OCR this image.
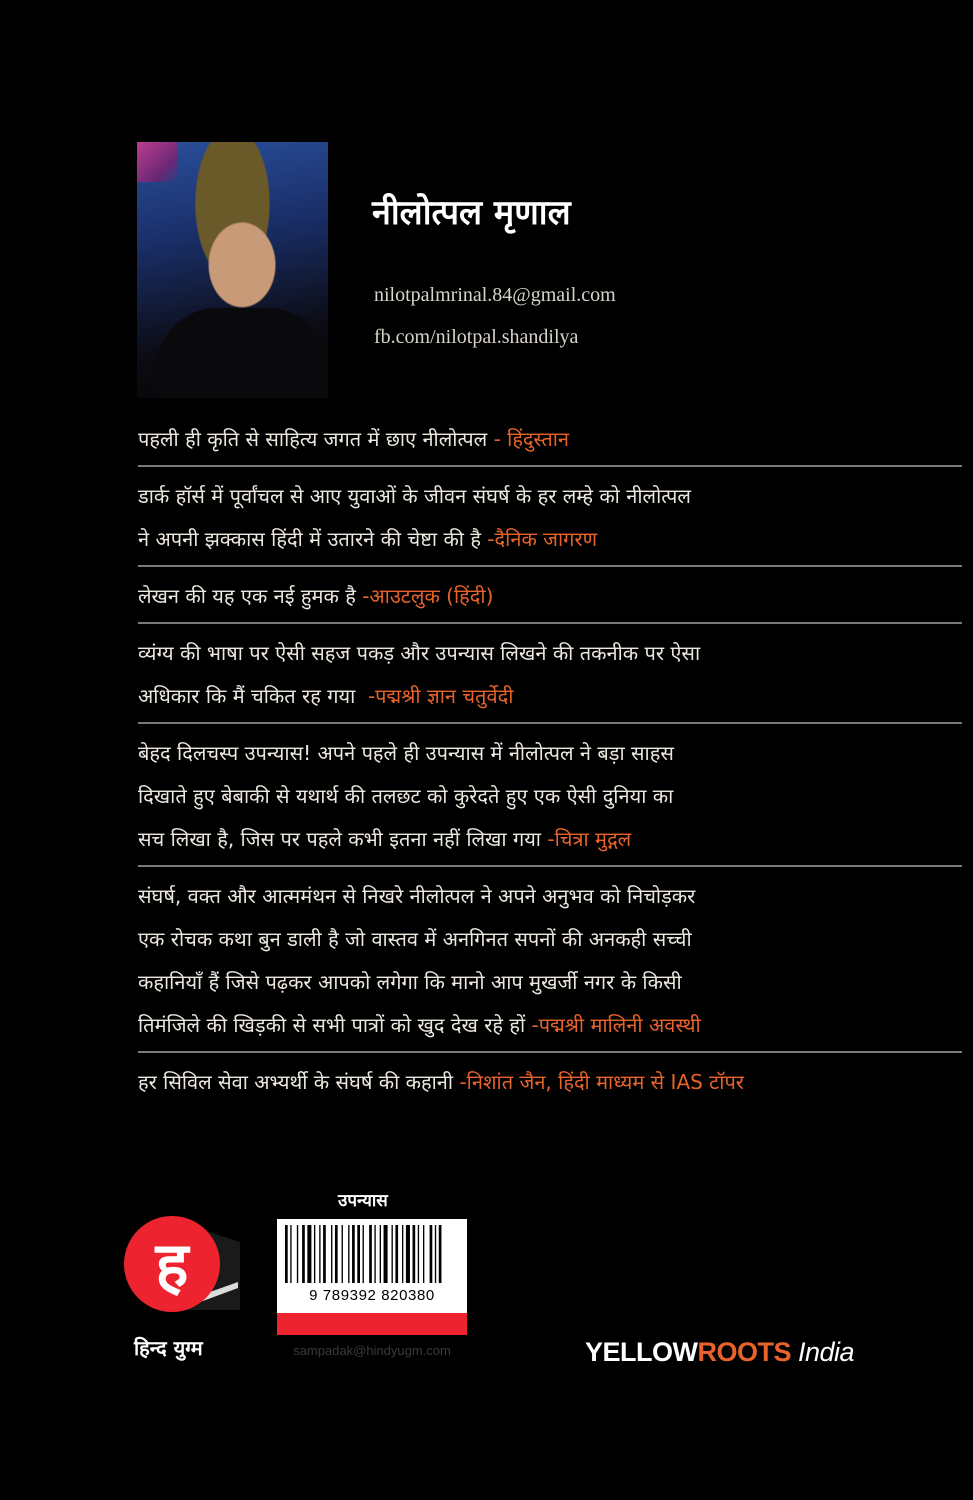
नीलोत्पल मृणाल
nilotpalmrinal.84@gmail.com
fb.com/nilotpal.shandilya
पहली ही कृति से साहित्य जगत में छाए नीलोत्पल - हिंदुस्तान
डार्क हॉर्स में पूर्वांचल से आए युवाओं के जीवन संघर्ष के हर लम्हे को नीलोत्पल
ने अपनी झक्कास हिंदी में उतारने की चेष्टा की है -दैनिक जागरण
लेखन की यह एक नई हुमक है -आउटलुक (हिंदी)
व्यंग्य की भाषा पर ऐसी सहज पकड़ और उपन्यास लिखने की तकनीक पर ऐसा
अधिकार कि मैं चकित रह गया  -पद्मश्री ज्ञान चतुर्वेदी
बेहद दिलचस्प उपन्यास! अपने पहले ही उपन्यास में नीलोत्पल ने बड़ा साहस
दिखाते हुए बेबाकी से यथार्थ की तलछट को कुरेदते हुए एक ऐसी दुनिया का
सच लिखा है, जिस पर पहले कभी इतना नहीं लिखा गया -चित्रा मुद्गल
संघर्ष, वक्त और आत्ममंथन से निखरे नीलोत्पल ने अपने अनुभव को निचोड़कर
एक रोचक कथा बुन डाली है जो वास्तव में अनगिनत सपनों की अनकही सच्ची
कहानियाँ हैं जिसे पढ़कर आपको लगेगा कि मानो आप मुखर्जी नगर के किसी
तिमंजिले की खिड़की से सभी पात्रों को खुद देख रहे हों -पद्मश्री मालिनी अवस्थी
हर सिविल सेवा अभ्यर्थी के संघर्ष की कहानी -निशांत जैन, हिंदी माध्यम से IAS टॉपर
ह
हिन्द युग्म
उपन्यास
9 789392 820380
sampadak@hindyugm.com	YELLOWROOTS India
